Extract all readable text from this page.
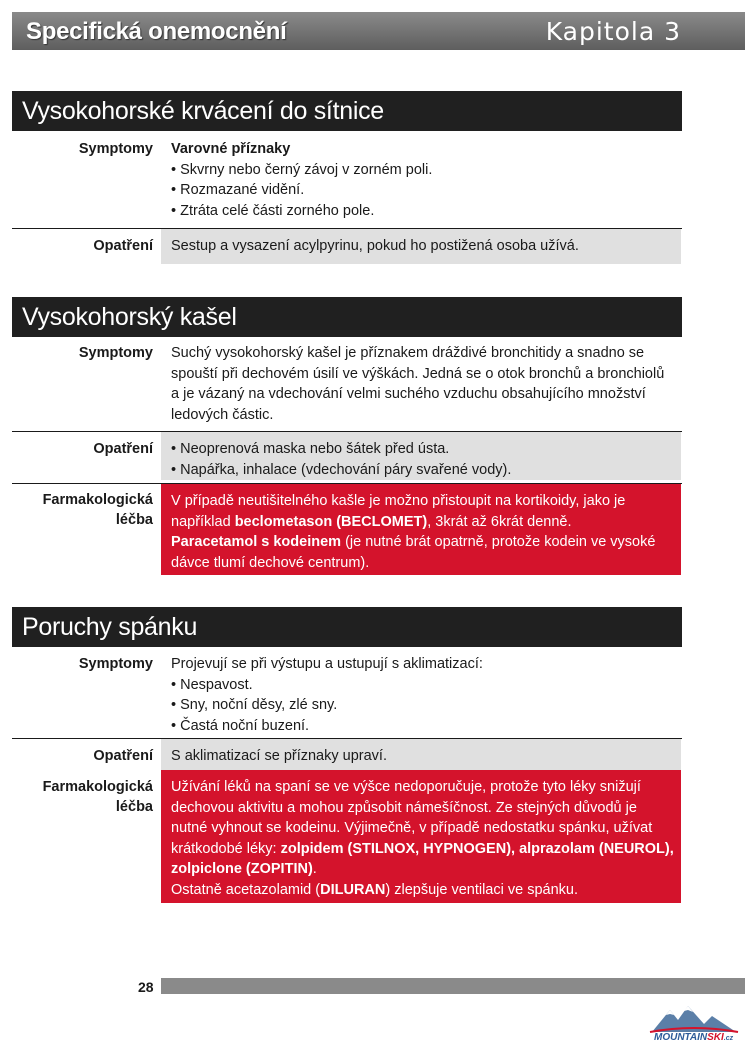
Specifická onemocnění	Kapitola 3
Vysokohorské krvácení do sítnice
Symptomy Varovné příznaky
• Skvrny nebo černý závoj v zorném poli.
• Rozmazané vidění.
• Ztráta celé části zorného pole.
Opatření Sestup a vysazení acylpyrinu, pokud ho postižená osoba užívá.
Vysokohorský kašel
Symptomy Suchý vysokohorský kašel je příznakem dráždivé bronchitidy a snadno se
spouští při dechovém úsilí ve výškách. Jedná se o otok bronchů a bronchiolů
a je vázaný na vdechování velmi suchého vzduchu obsahujícího množství
ledových částic.
Opatření • Neoprenová maska nebo šátek před ústa.
• Napářka, inhalace (vdechování páry svařené vody).
Farmakologická
léčba
V případě neutišitelného kašle je možno přistoupit na kortikoidy, jako je
například beclometason (BECLOMET), 3krát až 6krát denně.
Paracetamol s kodeinem (je nutné brát opatrně, protože kodein ve vysoké
dávce tlumí dechové centrum).
Poruchy spánku
Symptomy Projevují se při výstupu a ustupují s aklimatizací:
• Nespavost.
• Sny, noční děsy, zlé sny.
• Častá noční buzení.
Opatření S aklimatizací se příznaky upraví.
Farmakologická
léčba
Užívání léků na spaní se ve výšce nedoporučuje, protože tyto léky snižují
dechovou aktivitu a mohou způsobit námešíčnost. Ze stejných důvodů je
nutné vyhnout se kodeinu. Výjimečně, v případě nedostatku spánku, užívat
krátkodobé léky: zolpidem (STILNOX, HYPNOGEN), alprazolam (NEUROL),
zolpiclone (ZOPITIN).
Ostatně acetazolamid (DILURAN) zlepšuje ventilaci ve spánku.
28
MOUNTAINSKI.cz
